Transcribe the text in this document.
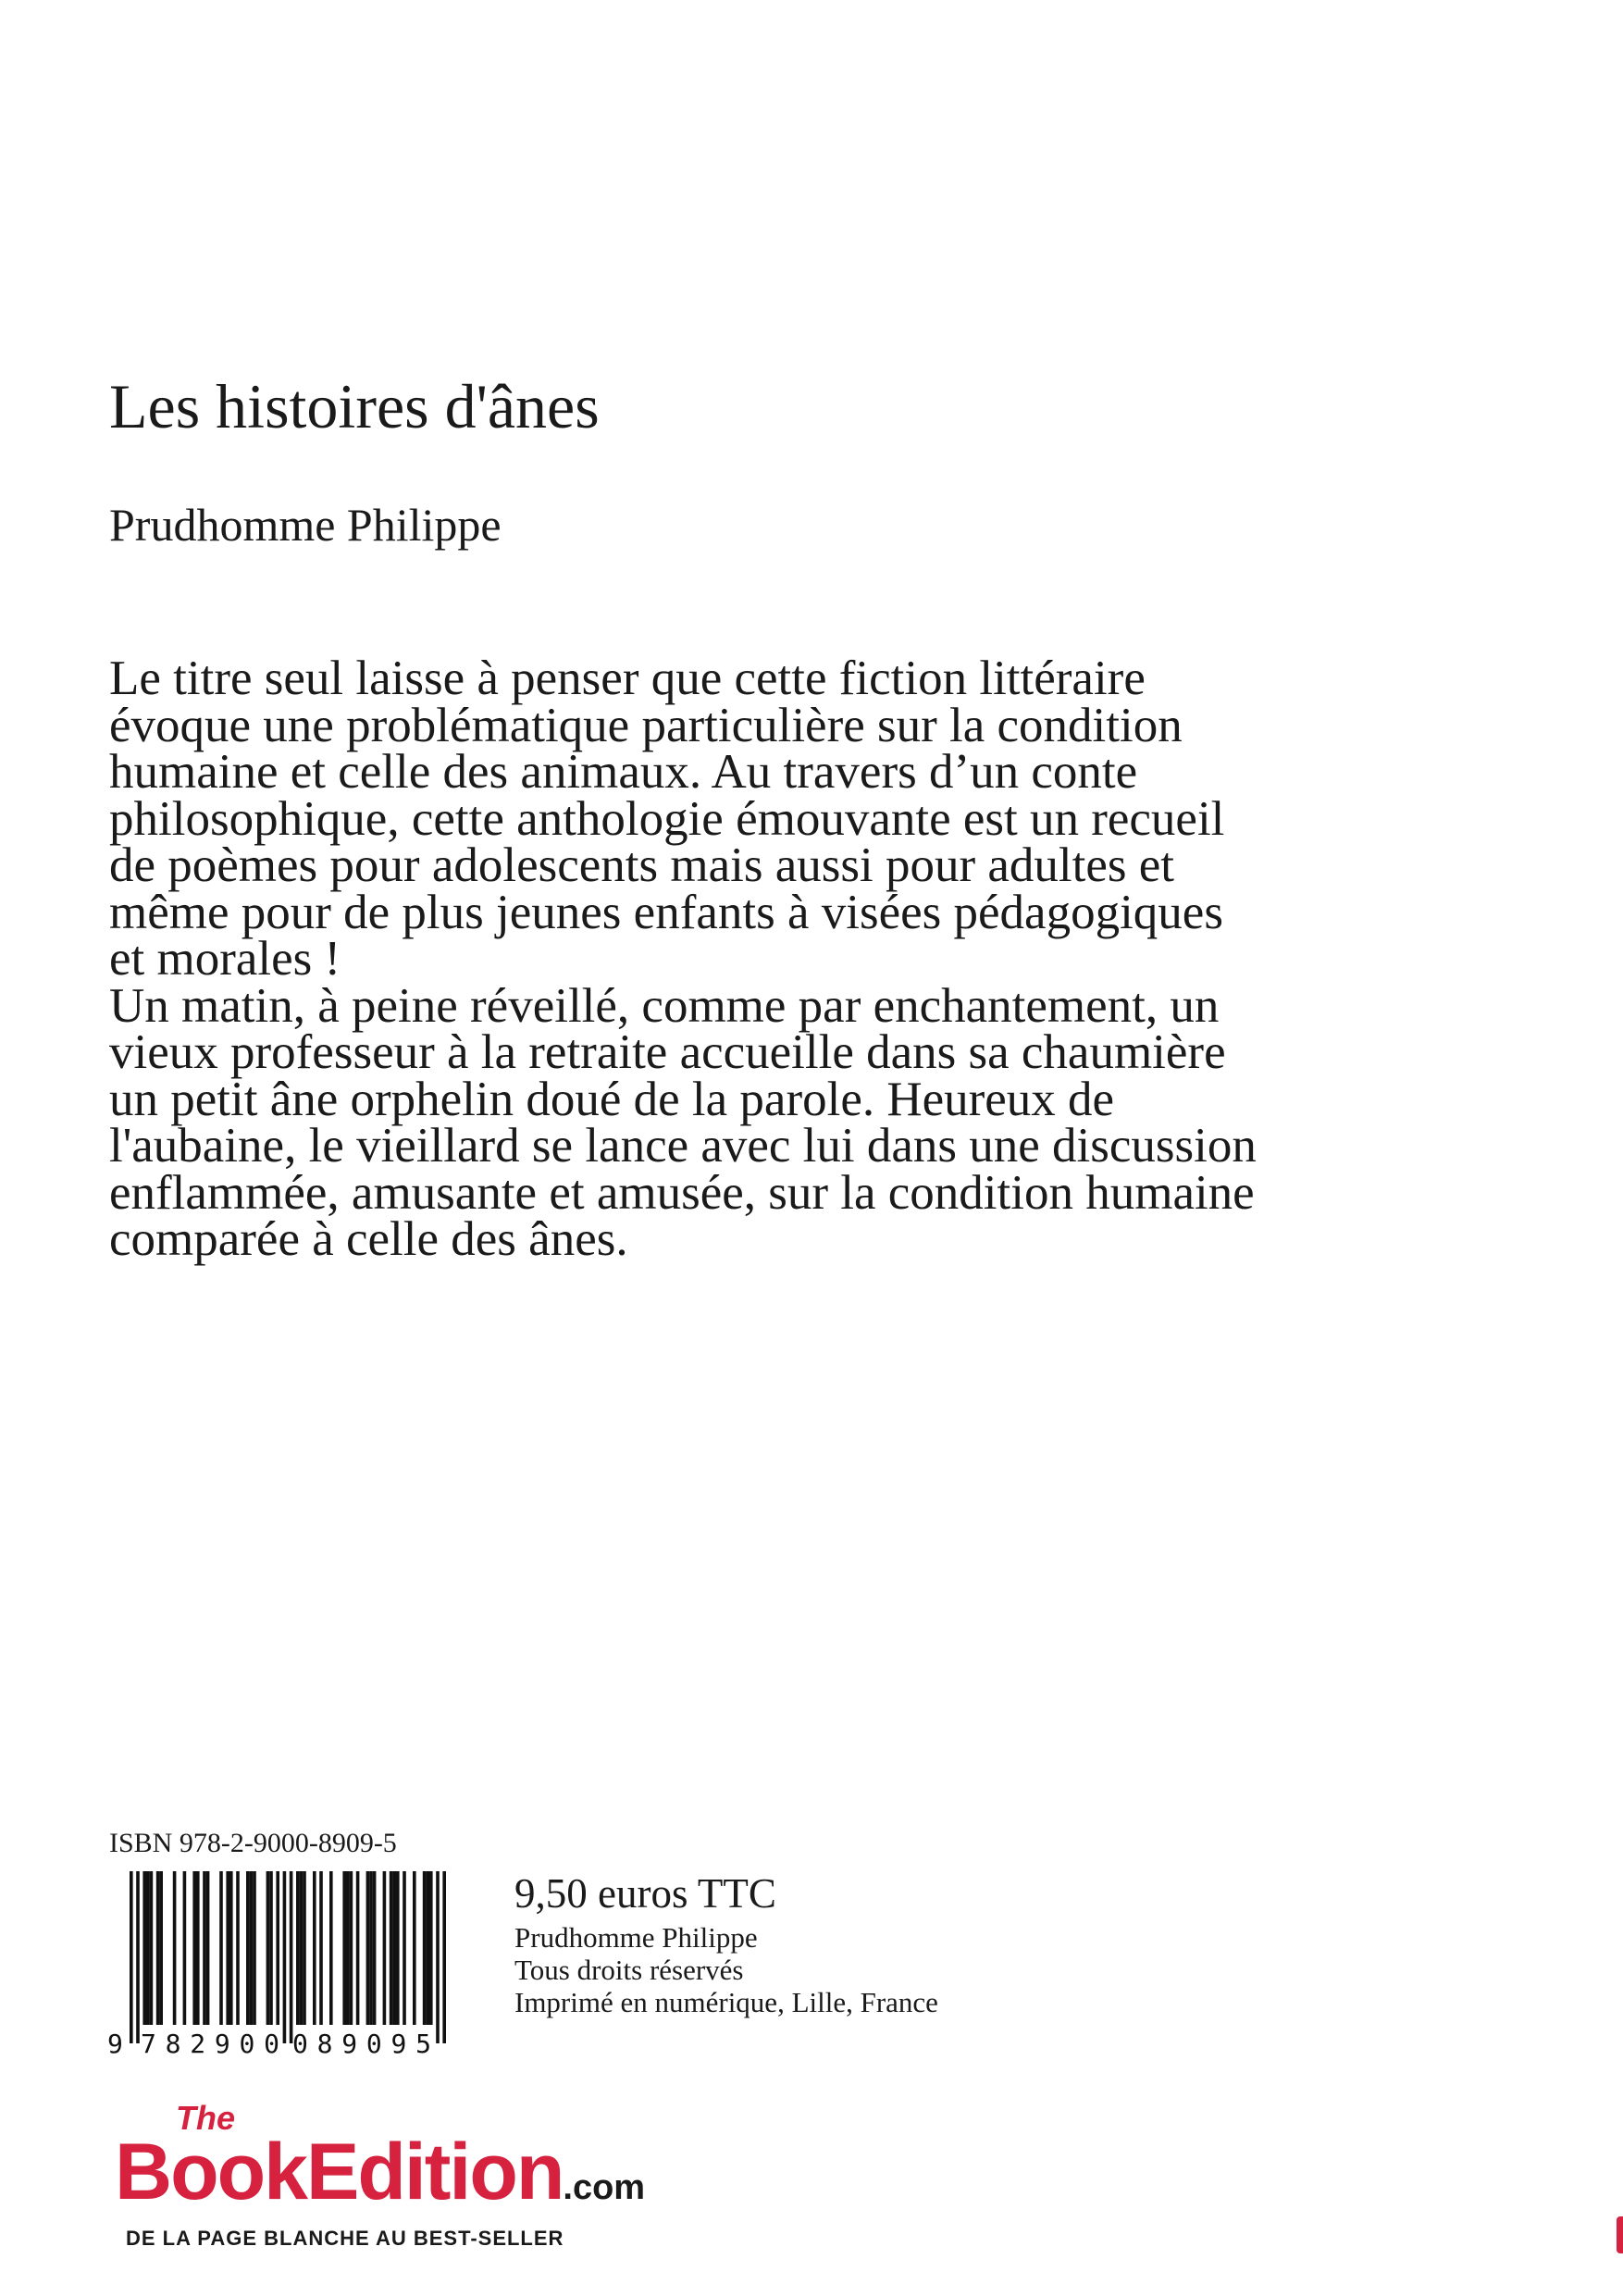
Les histoires d'ânes
Prudhomme Philippe

Le titre seul laisse à penser que cette fiction littéraire évoque une problématique particulière sur la condition humaine et celle des animaux. Au travers d’un conte philosophique, cette anthologie émouvante est un recueil de poèmes pour adolescents mais aussi pour adultes et même pour de plus jeunes enfants à visées pédagogiques et morales !

Un matin, à peine réveillé, comme par enchantement, un vieux professeur à la retraite accueille dans sa chaumière un petit âne orphelin doué de la parole. Heureux de l'aubaine, le vieillard se lance avec lui dans une discussion enflammée, amusante et amusée, sur la condition humaine comparée à celle des ânes.

ISBN 978-2-9000-8909-5
9 782900 089095
9,50 euros TTC
Prudhomme Philippe
Tous droits réservés
Imprimé en numérique, Lille, France
The
BookEdition.com
DE LA PAGE BLANCHE AU BEST-SELLER
